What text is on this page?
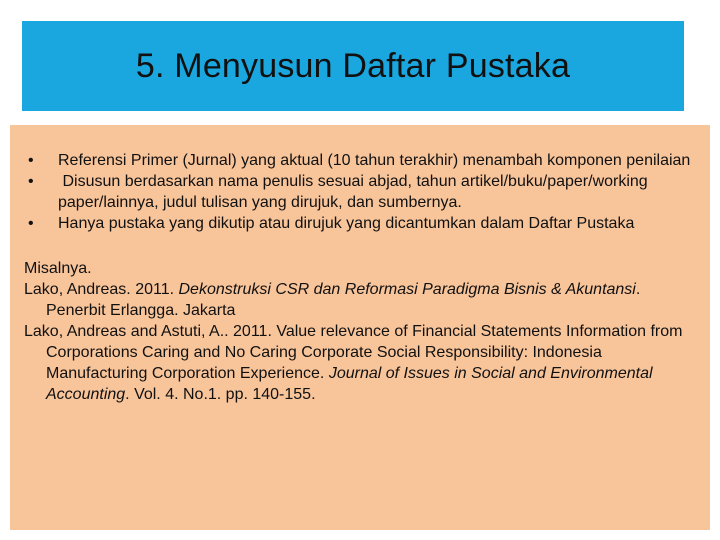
5. Menyusun Daftar Pustaka
• Referensi Primer (Jurnal) yang aktual (10 tahun terakhir) menambah komponen penilaian
• Disusun berdasarkan nama penulis sesuai abjad, tahun artikel/buku/paper/working paper/lainnya, judul tulisan yang dirujuk, dan sumbernya.
• Hanya pustaka yang dikutip atau dirujuk yang dicantumkan dalam Daftar Pustaka

Misalnya.

Lako, Andreas. 2011. Dekonstruksi CSR dan Reformasi Paradigma Bisnis & Akuntansi. Penerbit Erlangga. Jakarta

Lako, Andreas and Astuti, A.. 2011. Value relevance of Financial Statements Information from Corporations Caring and No Caring Corporate Social Responsibility: Indonesia Manufacturing Corporation Experience. Journal of Issues in Social and Environmental  Accounting. Vol. 4. No.1. pp. 140-155.
